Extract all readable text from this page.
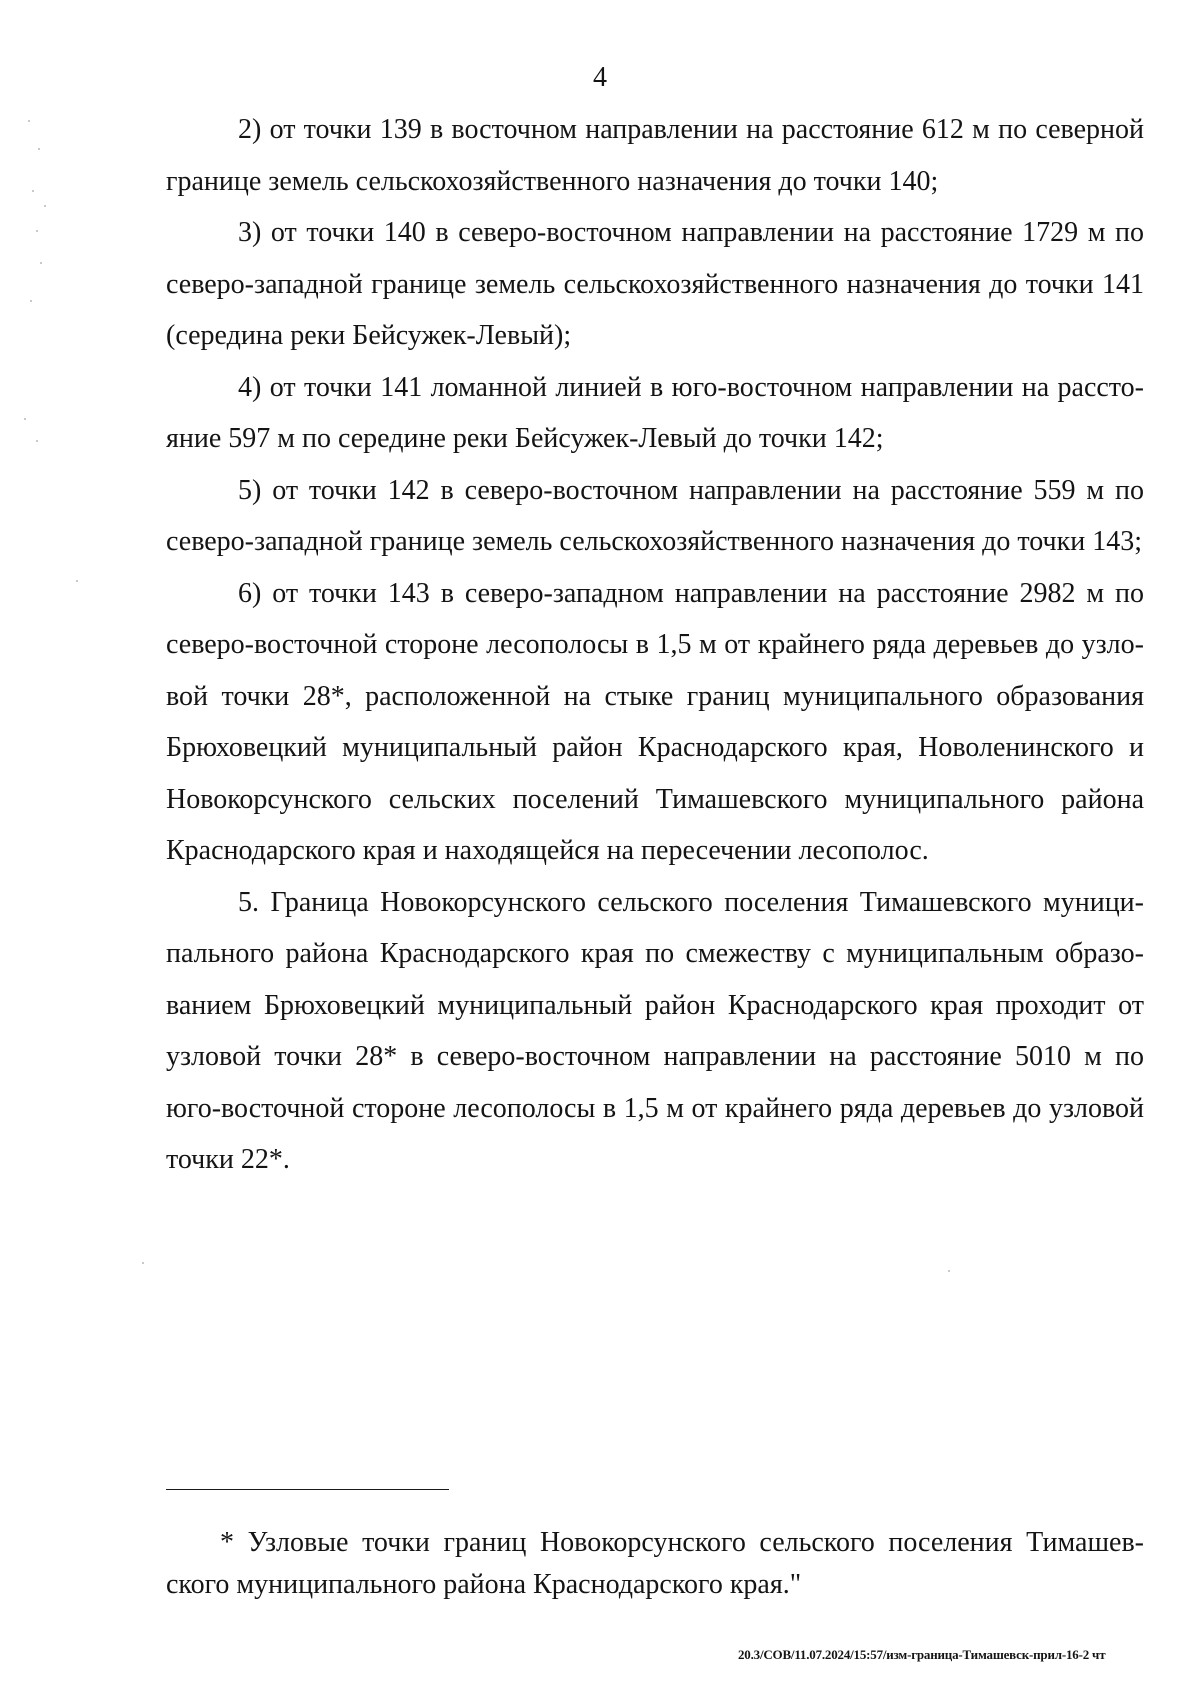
4

2) от точки 139 в восточном направлении на расстояние 612 м по северной границе земель сельскохозяйственного назначения до точки 140;

3) от точки 140 в северо-восточном направлении на расстояние 1729 м по северо-западной границе земель сельскохозяйственного назначения до точки 141 (середина реки Бейсужек-Левый);

4) от точки 141 ломанной линией в юго-восточном направлении на расстояние 597 м по середине реки Бейсужек-Левый до точки 142;

5) от точки 142 в северо-восточном направлении на расстояние 559 м по северо-западной границе земель сельскохозяйственного назначения до точки 143;

6) от точки 143 в северо-западном направлении на расстояние 2982 м по северо-восточной стороне лесополосы в 1,5 м от крайнего ряда деревьев до узловой точки 28*, расположенной на стыке границ муниципального образования Брюховецкий муниципальный район Краснодарского края, Новоленинского и Новокорсунского сельских поселений Тимашевского муниципального района Краснодарского края и находящейся на пересечении лесополос.

5. Граница Новокорсунского сельского поселения Тимашевского муниципального района Краснодарского края по смежеству с муниципальным образованием Брюховецкий муниципальный район Краснодарского края проходит от узловой точки 28* в северо-восточном направлении на расстояние 5010 м по юго-восточной стороне лесополосы в 1,5 м от крайнего ряда деревьев до узловой точки 22*.

* Узловые точки границ Новокорсунского сельского поселения Тимашевского муниципального района Краснодарского края."

20.3/СОВ/11.07.2024/15:57/изм-граница-Тимашевск-прил-16-2 чт
